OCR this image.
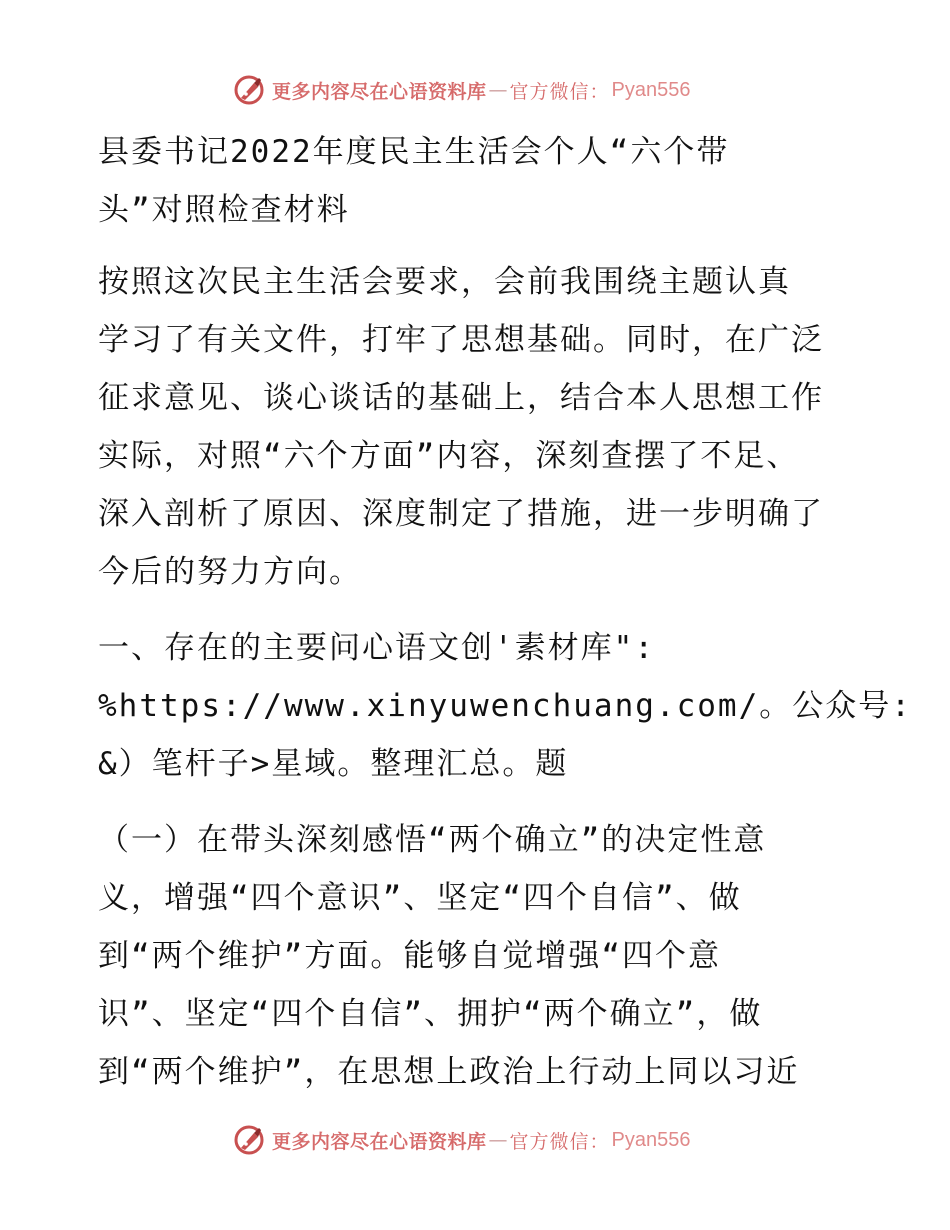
更多内容尽在心语资料库 — 官方微信： Pyan556
县委书记2022年度民主生活会个人“六个带
头”对照检查材料
按照这次民主生活会要求，会前我围绕主题认真
学习了有关文件，打牢了思想基础。同时，在广泛
征求意见、谈心谈话的基础上，结合本人思想工作
实际，对照“六个方面”内容，深刻查摆了不足、
深入剖析了原因、深度制定了措施，进一步明确了
今后的努力方向。
一、存在的主要问心语文创'素材库":
%https://www.xinyuwenchuang.com/。公众号:
&）笔杆子>星域。整理汇总。题
（一）在带头深刻感悟“两个确立”的决定性意
义，增强“四个意识”、坚定“四个自信”、做
到“两个维护”方面。能够自觉增强“四个意
识”、坚定“四个自信”、拥护“两个确立”，做
到“两个维护”，在思想上政治上行动上同以习近
更多内容尽在心语资料库 — 官方微信： Pyan556
